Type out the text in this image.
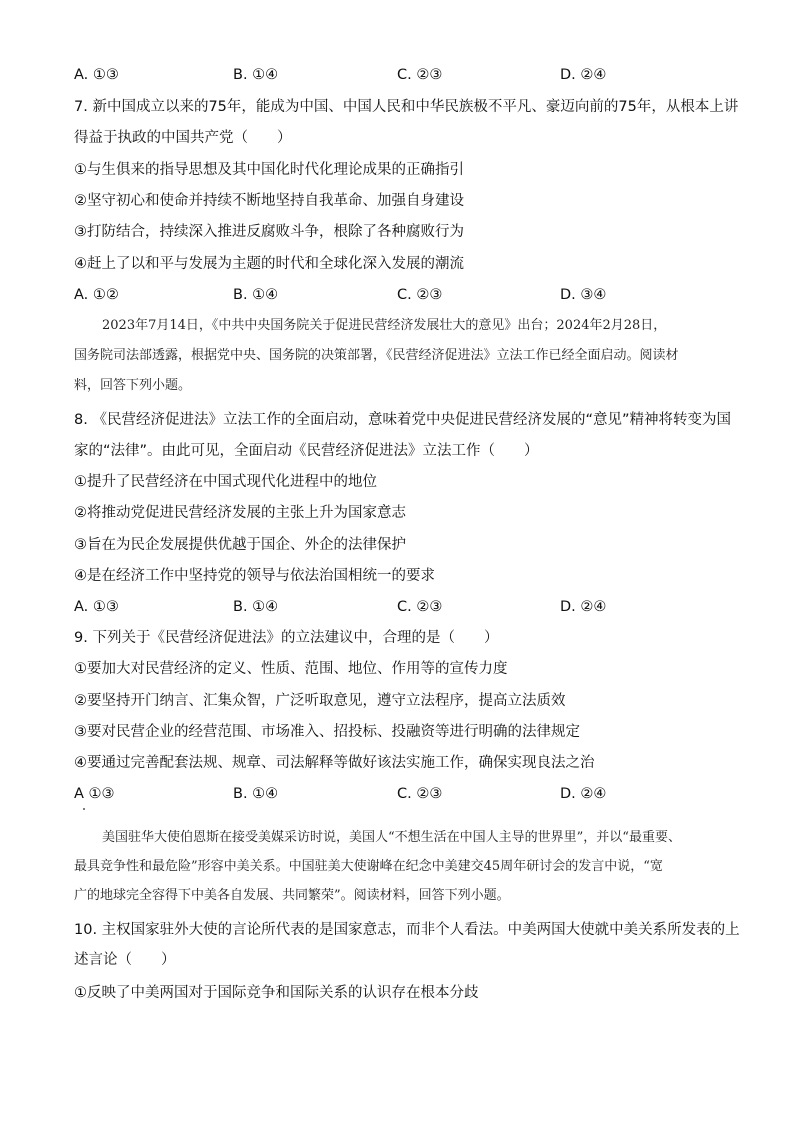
A. ①③	B. ①④	C. ②③	D. ②④
7. 新中国成立以来的75年，能成为中国、中国人民和中华民族极不平凡、豪迈向前的75年，从根本上讲
得益于执政的中国共产党（　　）
①与生俱来的指导思想及其中国化时代化理论成果的正确指引
②坚守初心和使命并持续不断地坚持自我革命、加强自身建设
③打防结合，持续深入推进反腐败斗争，根除了各种腐败行为
④赶上了以和平与发展为主题的时代和全球化深入发展的潮流
A. ①②	B. ①④	C. ②③	D. ③④
2023年7月14日，《中共中央国务院关于促进民营经济发展壮大的意见》出台；2024年2月28日，
国务院司法部透露，根据党中央、国务院的决策部署，《民营经济促进法》立法工作已经全面启动。阅读材
料，回答下列小题。
8. 《民营经济促进法》立法工作的全面启动，意味着党中央促进民营经济发展的“意见”精神将转变为国
家的“法律”。由此可见，全面启动《民营经济促进法》立法工作（　　）
①提升了民营经济在中国式现代化进程中的地位
②将推动党促进民营经济发展的主张上升为国家意志
③旨在为民企发展提供优越于国企、外企的法律保护
④是在经济工作中坚持党的领导与依法治国相统一的要求
A. ①③	B. ①④	C. ②③	D. ②④
9. 下列关于《民营经济促进法》的立法建议中，合理的是（　　）
①要加大对民营经济的定义、性质、范围、地位、作用等的宣传力度
②要坚持开门纳言、汇集众智，广泛听取意见，遵守立法程序，提高立法质效
③要对民营企业的经营范围、市场准入、招投标、投融资等进行明确的法律规定
④要通过完善配套法规、规章、司法解释等做好该法实施工作，确保实现良法之治
A ①③	B. ①④	C. ②③	D. ②④
美国驻华大使伯恩斯在接受美媒采访时说，美国人“不想生活在中国人主导的世界里”，并以“最重要、
最具竞争性和最危险”形容中美关系。中国驻美大使谢峰在纪念中美建交45周年研讨会的发言中说，“宽
广的地球完全容得下中美各自发展、共同繁荣”。阅读材料，回答下列小题。
10. 主权国家驻外大使的言论所代表的是国家意志，而非个人看法。中美两国大使就中美关系所发表的上
述言论（　　）
①反映了中美两国对于国际竞争和国际关系的认识存在根本分歧
